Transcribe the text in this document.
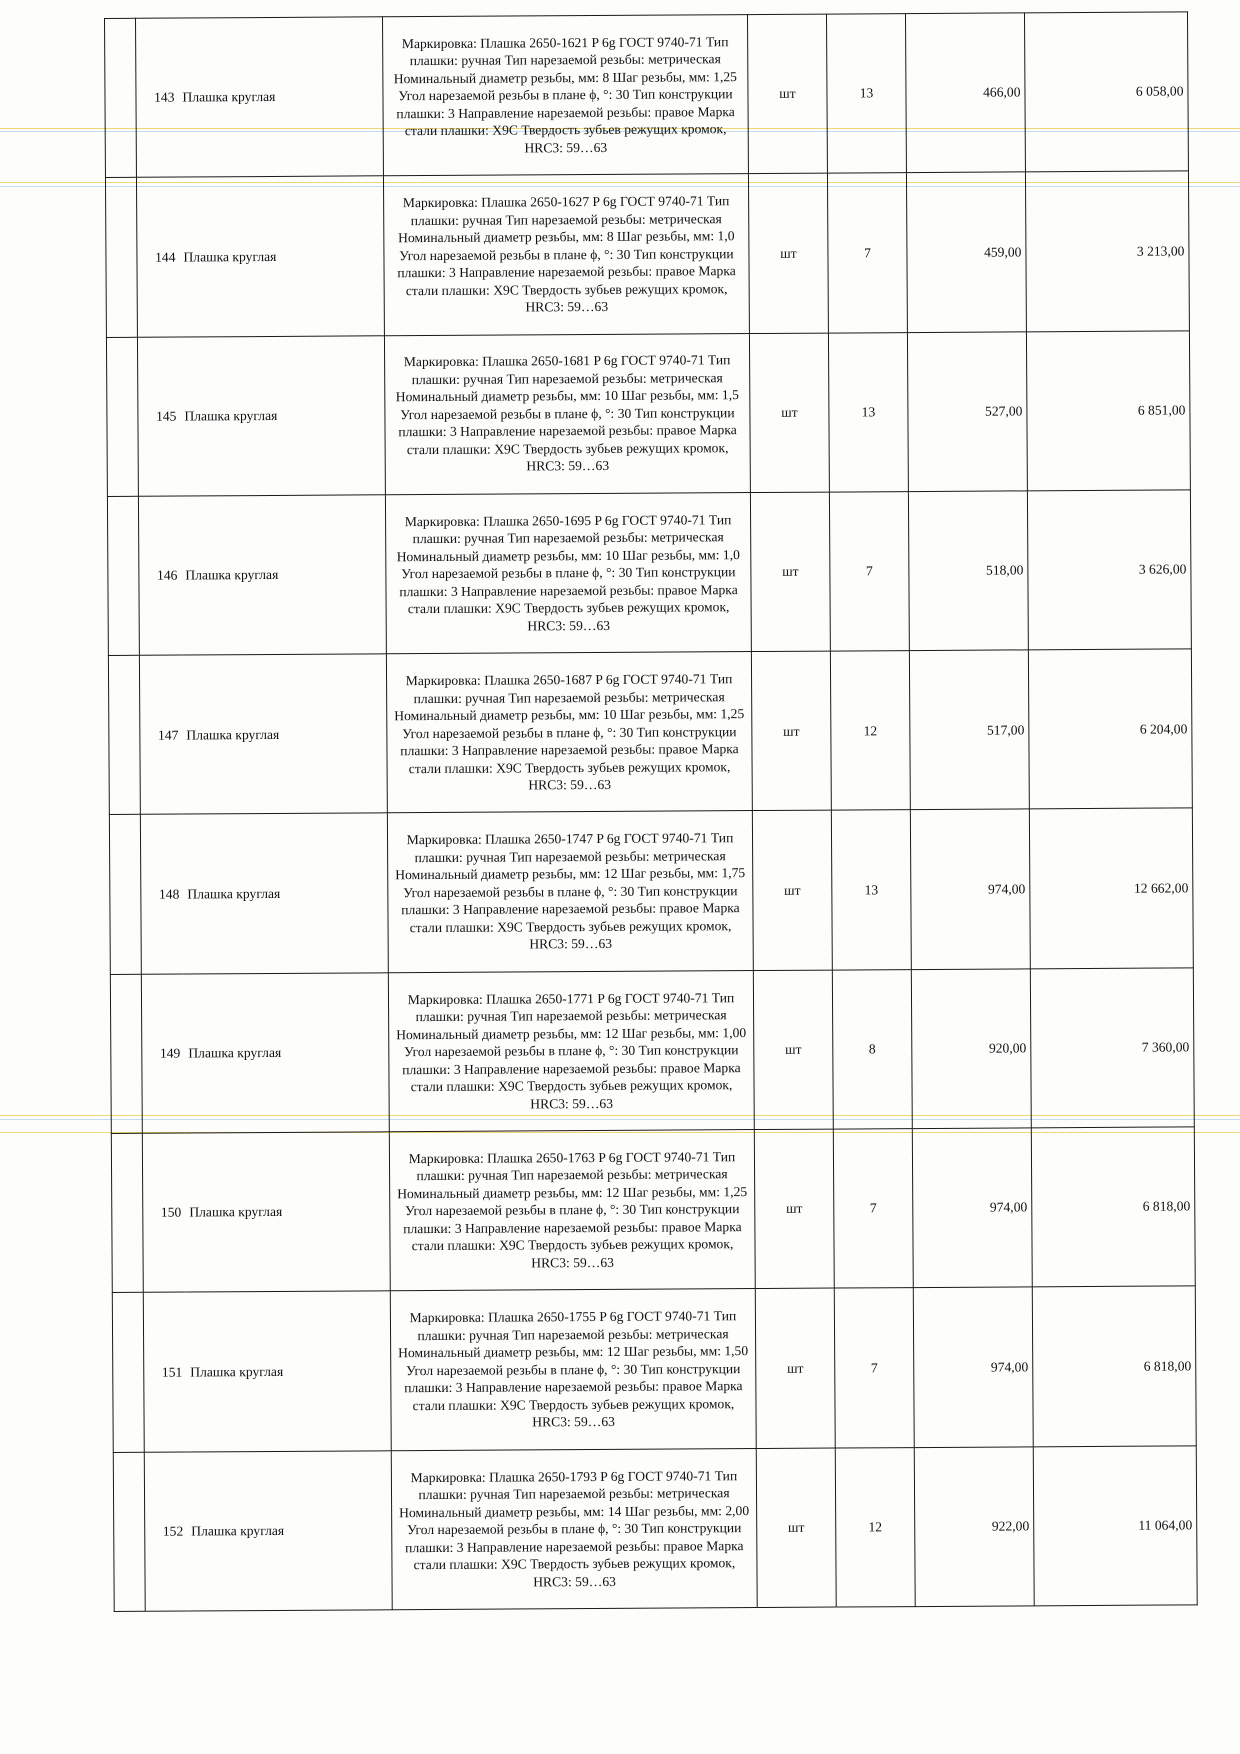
	143	Плашка круглая	Маркировка: Плашка 2650-1621 P 6g ГОСТ 9740-71 Тип плашки: ручная Тип нарезаемой резьбы: метрическая Номинальный диаметр резьбы, мм: 8 Шаг резьбы, мм: 1,25 Угол нарезаемой резьбы в плане ϕ, °: 30 Тип конструкции плашки: 3 Направление нарезаемой резьбы: правое Марка стали плашки: Х9С Твердость зубьев режущих кромок, HRC3: 59…63	шт	13	466,00	6 058,00
	144	Плашка круглая	Маркировка: Плашка 2650-1627 P 6g ГОСТ 9740-71 Тип плашки: ручная Тип нарезаемой резьбы: метрическая Номинальный диаметр резьбы, мм: 8 Шаг резьбы, мм: 1,0 Угол нарезаемой резьбы в плане ϕ, °: 30 Тип конструкции плашки: 3 Направление нарезаемой резьбы: правое Марка стали плашки: Х9С Твердость зубьев режущих кромок, HRC3: 59…63	шт	7	459,00	3 213,00
	145	Плашка круглая	Маркировка: Плашка 2650-1681 P 6g ГОСТ 9740-71 Тип плашки: ручная Тип нарезаемой резьбы: метрическая Номинальный диаметр резьбы, мм: 10 Шаг резьбы, мм: 1,5 Угол нарезаемой резьбы в плане ϕ, °: 30 Тип конструкции плашки: 3 Направление нарезаемой резьбы: правое Марка стали плашки: Х9С Твердость зубьев режущих кромок, HRC3: 59…63	шт	13	527,00	6 851,00
	146	Плашка круглая	Маркировка: Плашка 2650-1695 P 6g ГОСТ 9740-71 Тип плашки: ручная Тип нарезаемой резьбы: метрическая Номинальный диаметр резьбы, мм: 10 Шаг резьбы, мм: 1,0 Угол нарезаемой резьбы в плане ϕ, °: 30 Тип конструкции плашки: 3 Направление нарезаемой резьбы: правое Марка стали плашки: Х9С Твердость зубьев режущих кромок, HRC3: 59…63	шт	7	518,00	3 626,00
	147	Плашка круглая	Маркировка: Плашка 2650-1687 P 6g ГОСТ 9740-71 Тип плашки: ручная Тип нарезаемой резьбы: метрическая Номинальный диаметр резьбы, мм: 10 Шаг резьбы, мм: 1,25 Угол нарезаемой резьбы в плане ϕ, °: 30 Тип конструкции плашки: 3 Направление нарезаемой резьбы: правое Марка стали плашки: Х9С Твердость зубьев режущих кромок, HRC3: 59…63	шт	12	517,00	6 204,00
	148	Плашка круглая	Маркировка: Плашка 2650-1747 P 6g ГОСТ 9740-71 Тип плашки: ручная Тип нарезаемой резьбы: метрическая Номинальный диаметр резьбы, мм: 12 Шаг резьбы, мм: 1,75 Угол нарезаемой резьбы в плане ϕ, °: 30 Тип конструкции плашки: 3 Направление нарезаемой резьбы: правое Марка стали плашки: Х9С Твердость зубьев режущих кромок, HRC3: 59…63	шт	13	974,00	12 662,00
	149	Плашка круглая	Маркировка: Плашка 2650-1771 P 6g ГОСТ 9740-71 Тип плашки: ручная Тип нарезаемой резьбы: метрическая Номинальный диаметр резьбы, мм: 12 Шаг резьбы, мм: 1,00 Угол нарезаемой резьбы в плане ϕ, °: 30 Тип конструкции плашки: 3 Направление нарезаемой резьбы: правое Марка стали плашки: Х9С Твердость зубьев режущих кромок, HRC3: 59…63	шт	8	920,00	7 360,00
	150	Плашка круглая	Маркировка: Плашка 2650-1763 P 6g ГОСТ 9740-71 Тип плашки: ручная Тип нарезаемой резьбы: метрическая Номинальный диаметр резьбы, мм: 12 Шаг резьбы, мм: 1,25 Угол нарезаемой резьбы в плане ϕ, °: 30 Тип конструкции плашки: 3 Направление нарезаемой резьбы: правое Марка стали плашки: Х9С Твердость зубьев режущих кромок, HRC3: 59…63	шт	7	974,00	6 818,00
	151	Плашка круглая	Маркировка: Плашка 2650-1755 P 6g ГОСТ 9740-71 Тип плашки: ручная Тип нарезаемой резьбы: метрическая Номинальный диаметр резьбы, мм: 12 Шаг резьбы, мм: 1,50 Угол нарезаемой резьбы в плане ϕ, °: 30 Тип конструкции плашки: 3 Направление нарезаемой резьбы: правое Марка стали плашки: Х9С Твердость зубьев режущих кромок, HRC3: 59…63	шт	7	974,00	6 818,00
	152	Плашка круглая	Маркировка: Плашка 2650-1793 P 6g ГОСТ 9740-71 Тип плашки: ручная Тип нарезаемой резьбы: метрическая Номинальный диаметр резьбы, мм: 14 Шаг резьбы, мм: 2,00 Угол нарезаемой резьбы в плане ϕ, °: 30 Тип конструкции плашки: 3 Направление нарезаемой резьбы: правое Марка стали плашки: Х9С Твердость зубьев режущих кромок, HRC3: 59…63	шт	12	922,00	11 064,00
